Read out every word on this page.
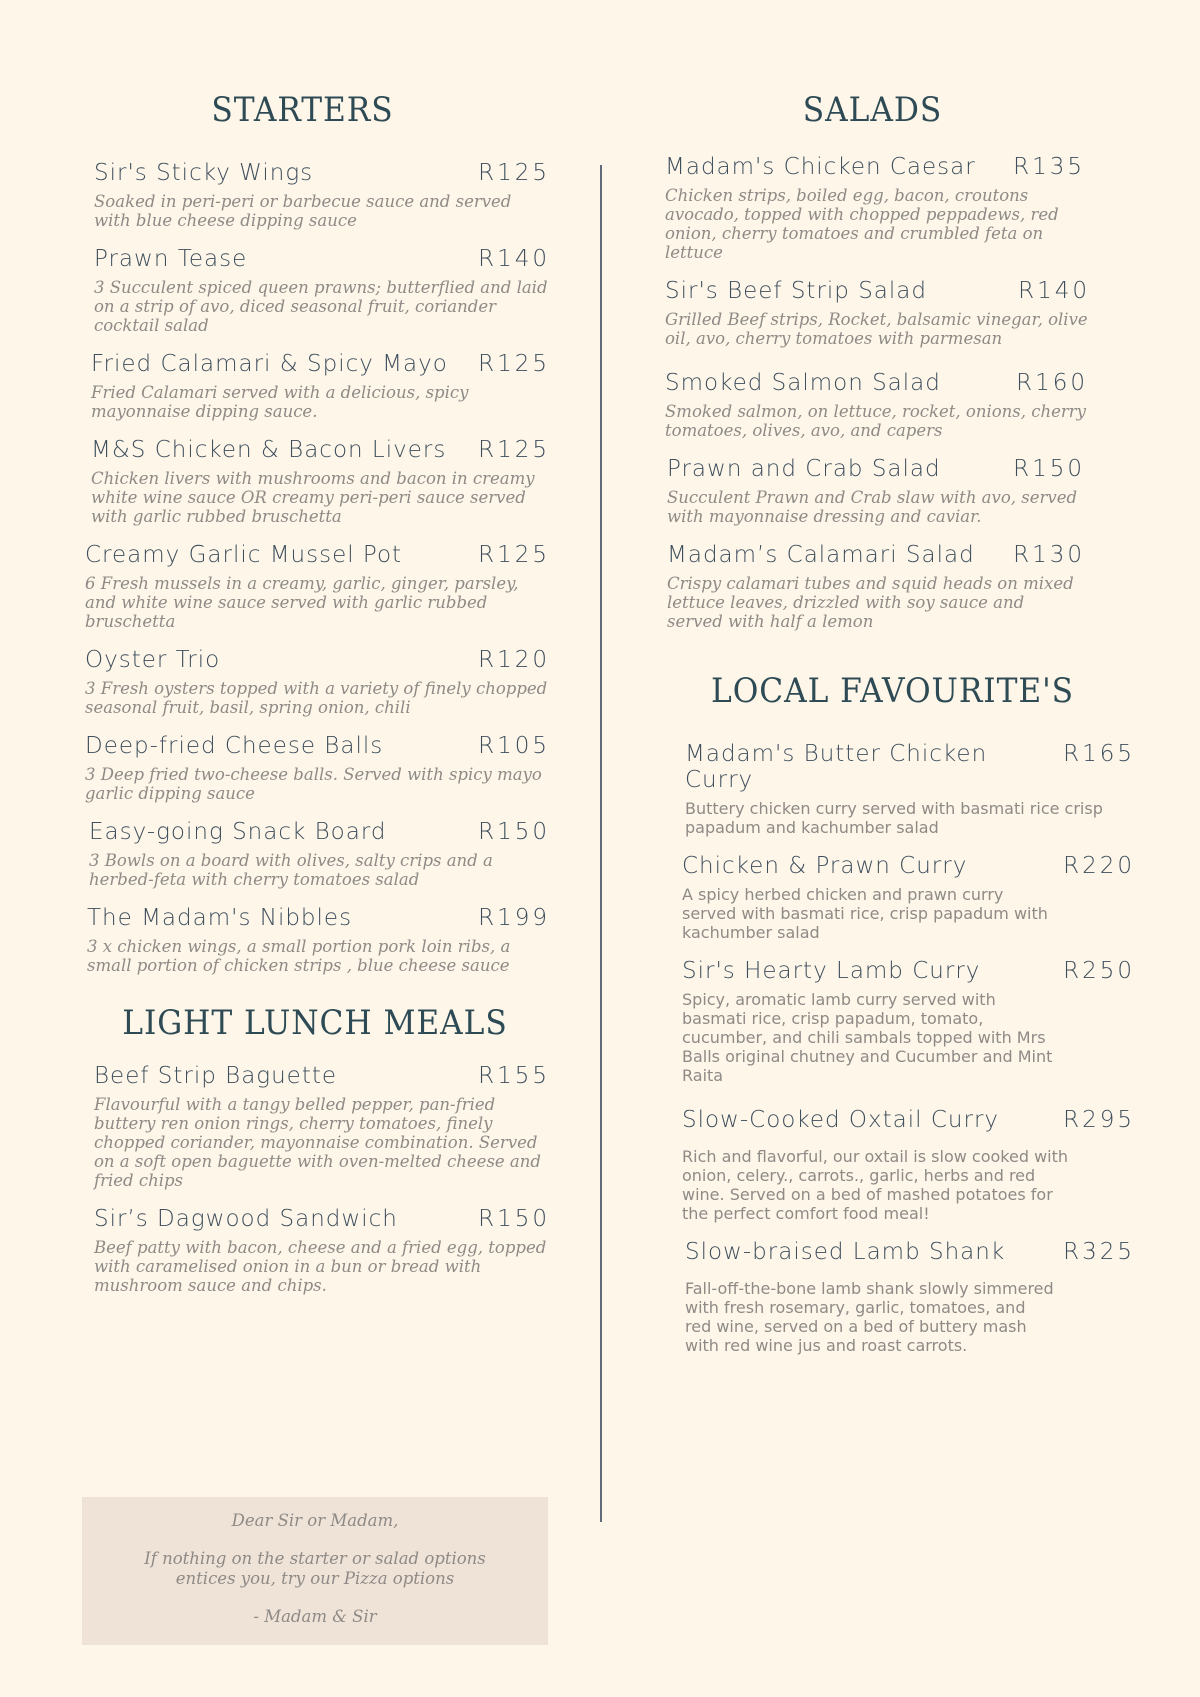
STARTERS
Sir's Sticky Wings	R125
Soaked in peri-peri or barbecue sauce and served with blue cheese dipping sauce
Prawn Tease	R140
3 Succulent spiced queen prawns; butterflied and laid on a strip of avo, diced seasonal fruit, coriander cocktail salad
Fried Calamari & Spicy Mayo R125
Fried Calamari served with a delicious, spicy mayonnaise dipping sauce.
M&S Chicken & Bacon Livers R125
Chicken livers with mushrooms and bacon in creamy white wine sauce OR creamy peri-peri sauce served with garlic rubbed bruschetta
Creamy Garlic Mussel Pot	R125
6 Fresh mussels in a creamy, garlic, ginger, parsley, and white wine sauce served with garlic rubbed bruschetta
Oyster Trio	R120
3 Fresh oysters topped with a variety of finely chopped seasonal fruit, basil, spring onion, chili
Deep-fried Cheese Balls	R105
3 Deep fried two-cheese balls. Served with spicy mayo garlic dipping sauce
Easy-going Snack Board	R150
3 Bowls on a board with olives, salty crips and a herbed-feta with cherry tomatoes salad
The Madam's Nibbles	R199
3 x chicken wings, a small portion pork loin ribs, a small portion of chicken strips , blue cheese sauce
LIGHT LUNCH MEALS
Beef Strip Baguette	R155
Flavourful with a tangy belled pepper, pan-fried buttery ren onion rings, cherry tomatoes, finely chopped coriander, mayonnaise combination. Served on a soft open baguette with oven-melted cheese and fried chips
Sir’s Dagwood Sandwich	R150
Beef patty with bacon, cheese and a fried egg, topped with caramelised onion in a bun or bread with mushroom sauce and chips.

Dear Sir or Madam,

If nothing on the starter or salad options entices you, try our Pizza options

- Madam & Sir

SALADS
Madam's Chicken Caesar R135
Chicken strips, boiled egg, bacon, croutons avocado, topped with chopped peppadews, red onion, cherry tomatoes and crumbled feta on lettuce
Sir's Beef Strip Salad	R140
Grilled Beef strips, Rocket, balsamic vinegar, olive oil, avo, cherry tomatoes with parmesan
Smoked Salmon Salad	R160
Smoked salmon, on lettuce, rocket, onions, cherry tomatoes, olives, avo, and capers
Prawn and Crab Salad	R150
Succulent Prawn and Crab slaw with avo, served with mayonnaise dressing and caviar.
Madam’s Calamari Salad R130
Crispy calamari tubes and squid heads on mixed lettuce leaves, drizzled with soy sauce and served with half a lemon
LOCAL FAVOURITE'S
Madam's Butter Chicken Curry
R165
Buttery chicken curry served with basmati rice crisp papadum and kachumber salad
Chicken & Prawn Curry	R220
A spicy herbed chicken and prawn curry served with basmati rice, crisp papadum with kachumber salad
Sir's Hearty Lamb Curry	R250
Spicy, aromatic lamb curry served with basmati rice, crisp papadum, tomato, cucumber, and chili sambals topped with Mrs Balls original chutney and Cucumber and Mint Raita
Slow-Cooked Oxtail Curry	R295
Rich and flavorful, our oxtail is slow cooked with onion, celery., carrots., garlic, herbs and red wine. Served on a bed of mashed potatoes for the perfect comfort food meal!
Slow-braised Lamb Shank	R325
Fall-off-the-bone lamb shank slowly simmered with fresh rosemary, garlic, tomatoes, and red wine, served on a bed of buttery mash with red wine jus and roast carrots.
